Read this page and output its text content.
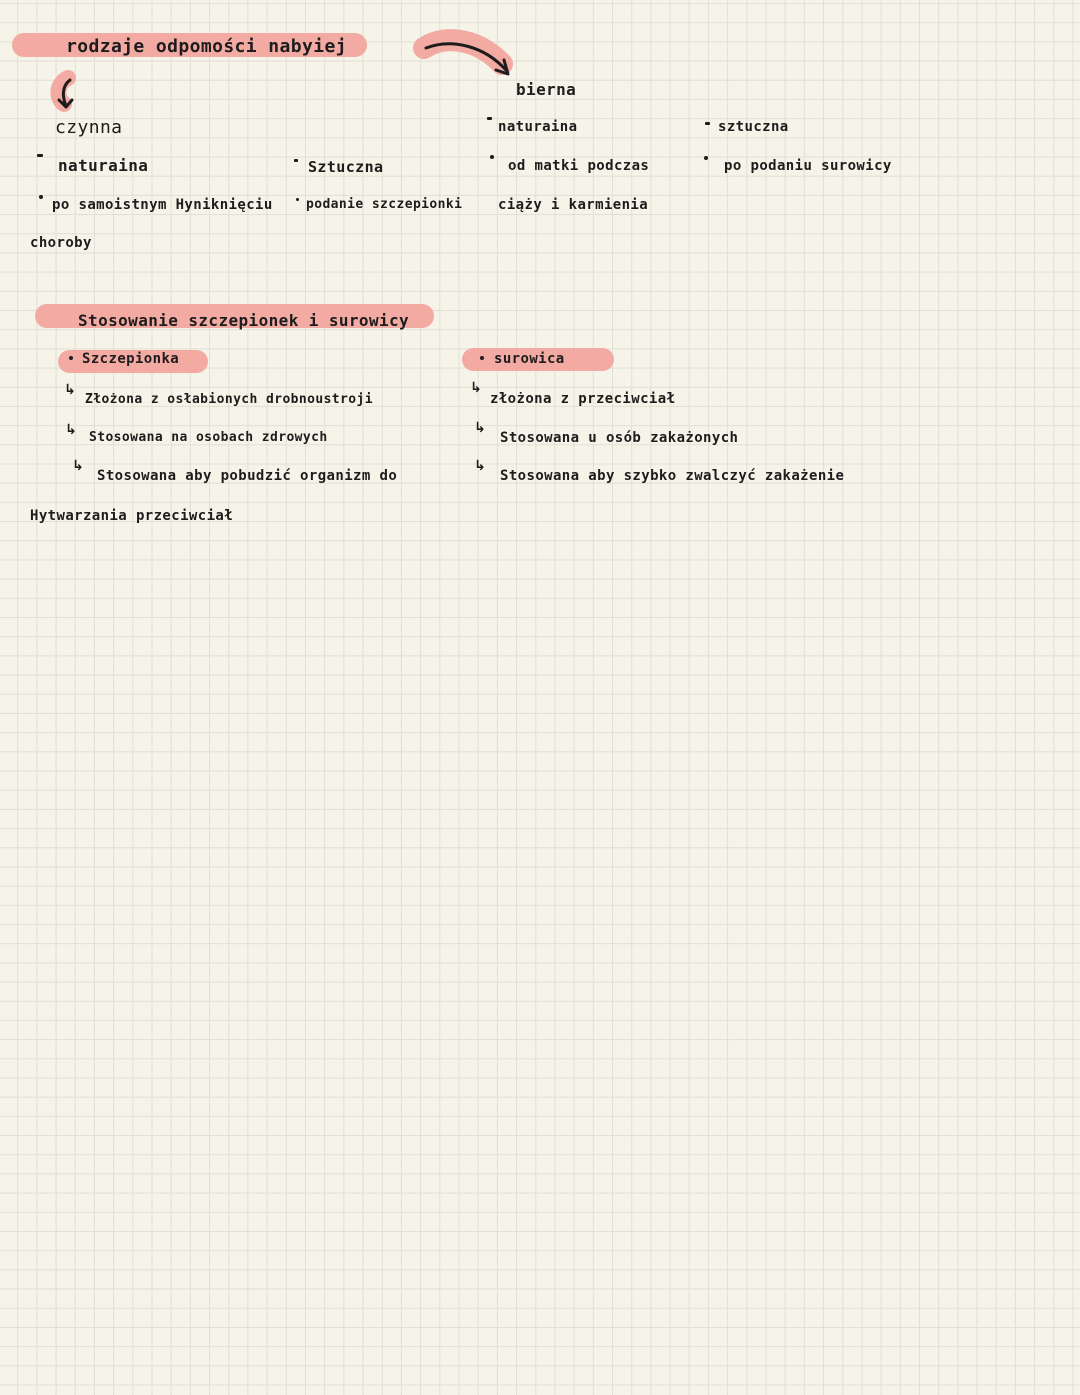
rodzaje odpomości nabyiej
czynna
naturaina
po samoistnym Hyniknięciu
choroby
Sztuczna
podanie szczepionki
bierna
naturaina
od matki podczas
ciąży i karmienia
sztuczna
po podaniu surowicy
Stosowanie szczepionek i surowicy
Szczepionka
↳
Złożona z osłabionych drobnoustroji
↳ Stosowana na osobach zdrowych
↳
Stosowana aby pobudzić organizm do
Hytwarzania przeciwciał
surowica
↳
złożona z przeciwciał
↳
Stosowana u osób zakażonych
↳
Stosowana aby szybko zwalczyć zakażenie
